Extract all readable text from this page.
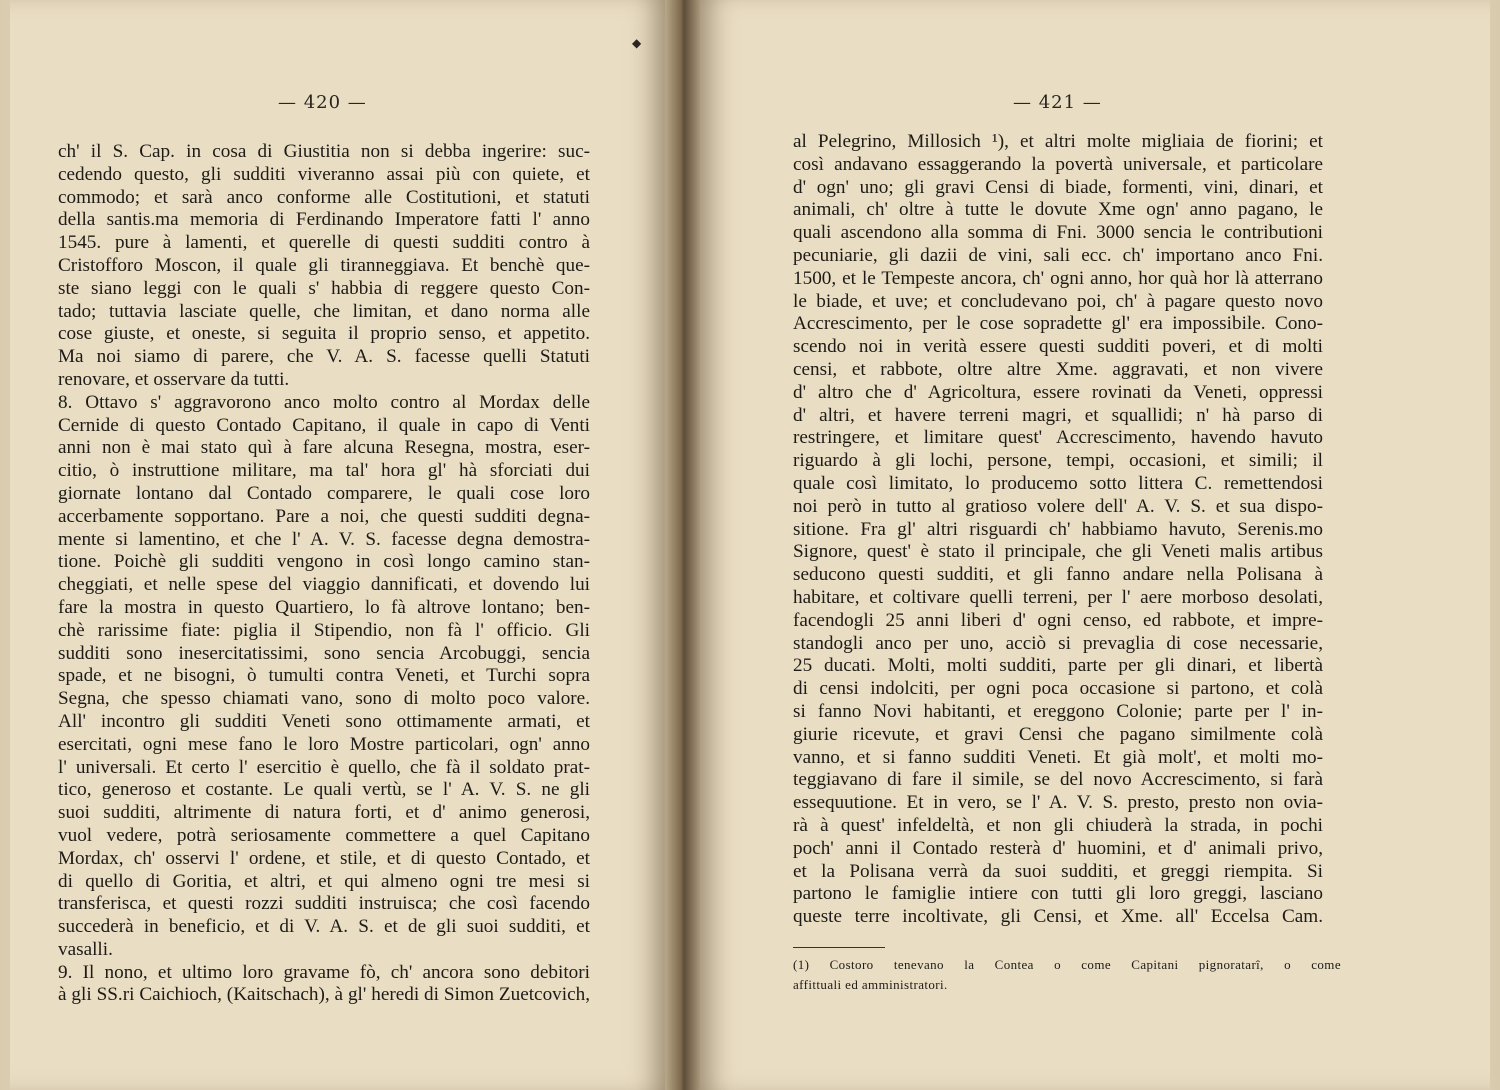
— 420 —
ch' il S. Cap. in cosa di Giustitia non si debba ingerire: suc-
cedendo questo, gli sudditi viveranno assai più con quiete, et
commodo; et sarà anco conforme alle Costitutioni, et statuti
della santis.ma memoria di Ferdinando Imperatore fatti l' anno
1545. pure à lamenti, et querelle di questi sudditi contro à
Cristofforo Moscon, il quale gli tiranneggiava. Et benchè que-
ste siano leggi con le quali s' habbia di reggere questo Con-
tado; tuttavia lasciate quelle, che limitan, et dano norma alle
cose giuste, et oneste, si seguita il proprio senso, et appetito.
Ma noi siamo di parere, che V. A. S. facesse quelli Statuti
renovare, et osservare da tutti.
8. Ottavo s' aggravorono anco molto contro al Mordax delle
Cernide di questo Contado Capitano, il quale in capo di Venti
anni non è mai stato quì à fare alcuna Resegna, mostra, eser-
citio, ò instruttione militare, ma tal' hora gl' hà sforciati dui
giornate lontano dal Contado comparere, le quali cose loro
accerbamente sopportano. Pare a noi, che questi sudditi degna-
mente si lamentino, et che l' A. V. S. facesse degna demostra-
tione. Poichè gli sudditi vengono in così longo camino stan-
cheggiati, et nelle spese del viaggio dannificati, et dovendo lui
fare la mostra in questo Quartiero, lo fà altrove lontano; ben-
chè rarissime fiate: piglia il Stipendio, non fà l' officio. Gli
sudditi sono inesercitatissimi, sono sencia Arcobuggi, sencia
spade, et ne bisogni, ò tumulti contra Veneti, et Turchi sopra
Segna, che spesso chiamati vano, sono di molto poco valore.
All' incontro gli sudditi Veneti sono ottimamente armati, et
esercitati, ogni mese fano le loro Mostre particolari, ogn' anno
l' universali. Et certo l' esercitio è quello, che fà il soldato prat-
tico, generoso et costante. Le quali vertù, se l' A. V. S. ne gli
suoi sudditi, altrimente di natura forti, et d' animo generosi,
vuol vedere, potrà seriosamente commettere a quel Capitano
Mordax, ch' osservi l' ordene, et stile, et di questo Contado, et
di quello di Goritia, et altri, et qui almeno ogni tre mesi si
transferisca, et questi rozzi sudditi instruisca; che così facendo
succederà in beneficio, et di V. A. S. et de gli suoi sudditi, et
vasalli.
9. Il nono, et ultimo loro gravame fò, ch' ancora sono debitori
à gli SS.ri Caichioch, (Kaitschach), à gl' heredi di Simon Zuetcovich,
◆
— 421 —
al Pelegrino, Millosich ¹), et altri molte migliaia de fiorini; et
così andavano essaggerando la povertà universale, et particolare
d' ogn' uno; gli gravi Censi di biade, formenti, vini, dinari, et
animali, ch' oltre à tutte le dovute Xme ogn' anno pagano, le
quali ascendono alla somma di Fni. 3000 sencia le contributioni
pecuniarie, gli dazii de vini, sali ecc. ch' importano anco Fni.
1500, et le Tempeste ancora, ch' ogni anno, hor quà hor là atterrano
le biade, et uve; et concludevano poi, ch' à pagare questo novo
Accrescimento, per le cose sopradette gl' era impossibile. Cono-
scendo noi in verità essere questi sudditi poveri, et di molti
censi, et rabbote, oltre altre Xme. aggravati, et non vivere
d' altro che d' Agricoltura, essere rovinati da Veneti, oppressi
d' altri, et havere terreni magri, et squallidi; n' hà parso di
restringere, et limitare quest' Accrescimento, havendo havuto
riguardo à gli lochi, persone, tempi, occasioni, et simili; il
quale così limitato, lo producemo sotto littera C. remettendosi
noi però in tutto al gratioso volere dell' A. V. S. et sua dispo-
sitione. Fra gl' altri risguardi ch' habbiamo havuto, Serenis.mo
Signore, quest' è stato il principale, che gli Veneti malis artibus
seducono questi sudditi, et gli fanno andare nella Polisana à
habitare, et coltivare quelli terreni, per l' aere morboso desolati,
facendogli 25 anni liberi d' ogni censo, ed rabbote, et impre-
standogli anco per uno, acciò si prevaglia di cose necessarie,
25 ducati. Molti, molti sudditi, parte per gli dinari, et libertà
di censi indolciti, per ogni poca occasione si partono, et colà
si fanno Novi habitanti, et ereggono Colonie; parte per l' in-
giurie ricevute, et gravi Censi che pagano similmente colà
vanno, et si fanno sudditi Veneti. Et già molt', et molti mo-
teggiavano di fare il simile, se del novo Accrescimento, si farà
essequutione. Et in vero, se l' A. V. S. presto, presto non ovia-
rà à quest' infeldeltà, et non gli chiuderà la strada, in pochi
poch' anni il Contado resterà d' huomini, et d' animali privo,
et la Polisana verrà da suoi sudditi, et greggi riempita. Si
partono le famiglie intiere con tutti gli loro greggi, lasciano
queste terre incoltivate, gli Censi, et Xme. all' Eccelsa Cam.
(1) Costoro tenevano la Contea o come Capitani pignoratarî, o come
affittuali ed amministratori.
